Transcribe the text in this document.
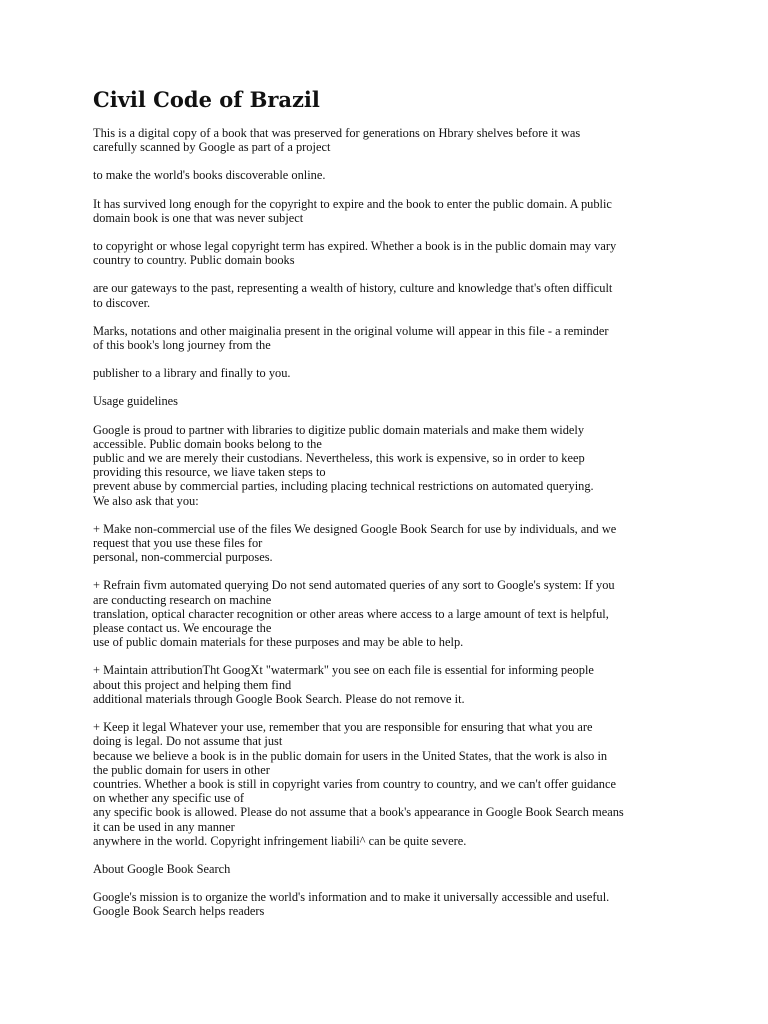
Civil Code of Brazil

This is a digital copy of a book that was preserved for generations on Hbrary shelves before it was
carefully scanned by Google as part of a project

to make the world's books discoverable online.

It has survived long enough for the copyright to expire and the book to enter the public domain. A public
domain book is one that was never subject

to copyright or whose legal copyright term has expired. Whether a book is in the public domain may vary
country to country. Public domain books

are our gateways to the past, representing a wealth of history, culture and knowledge that's often difficult
to discover.

Marks, notations and other maiginalia present in the original volume will appear in this file - a reminder
of this book's long journey from the

publisher to a library and finally to you.

Usage guidelines

Google is proud to partner with libraries to digitize public domain materials and make them widely
accessible. Public domain books belong to the
public and we are merely their custodians. Nevertheless, this work is expensive, so in order to keep
providing this resource, we liave taken steps to
prevent abuse by commercial parties, including placing technical restrictions on automated querying.
We also ask that you:

+ Make non-commercial use of the files We designed Google Book Search for use by individuals, and we
request that you use these files for
personal, non-commercial purposes.

+ Refrain fivm automated querying Do not send automated queries of any sort to Google's system: If you
are conducting research on machine
translation, optical character recognition or other areas where access to a large amount of text is helpful,
please contact us. We encourage the
use of public domain materials for these purposes and may be able to help.

+ Maintain attributionTht GoogXt "watermark" you see on each file is essential for informing people
about this project and helping them find
additional materials through Google Book Search. Please do not remove it.

+ Keep it legal Whatever your use, remember that you are responsible for ensuring that what you are
doing is legal. Do not assume that just
because we believe a book is in the public domain for users in the United States, that the work is also in
the public domain for users in other
countries. Whether a book is still in copyright varies from country to country, and we can't offer guidance
on whether any specific use of
any specific book is allowed. Please do not assume that a book's appearance in Google Book Search means
it can be used in any manner
anywhere in the world. Copyright infringement liabili^ can be quite severe.

About Google Book Search

Google's mission is to organize the world's information and to make it universally accessible and useful.
Google Book Search helps readers
